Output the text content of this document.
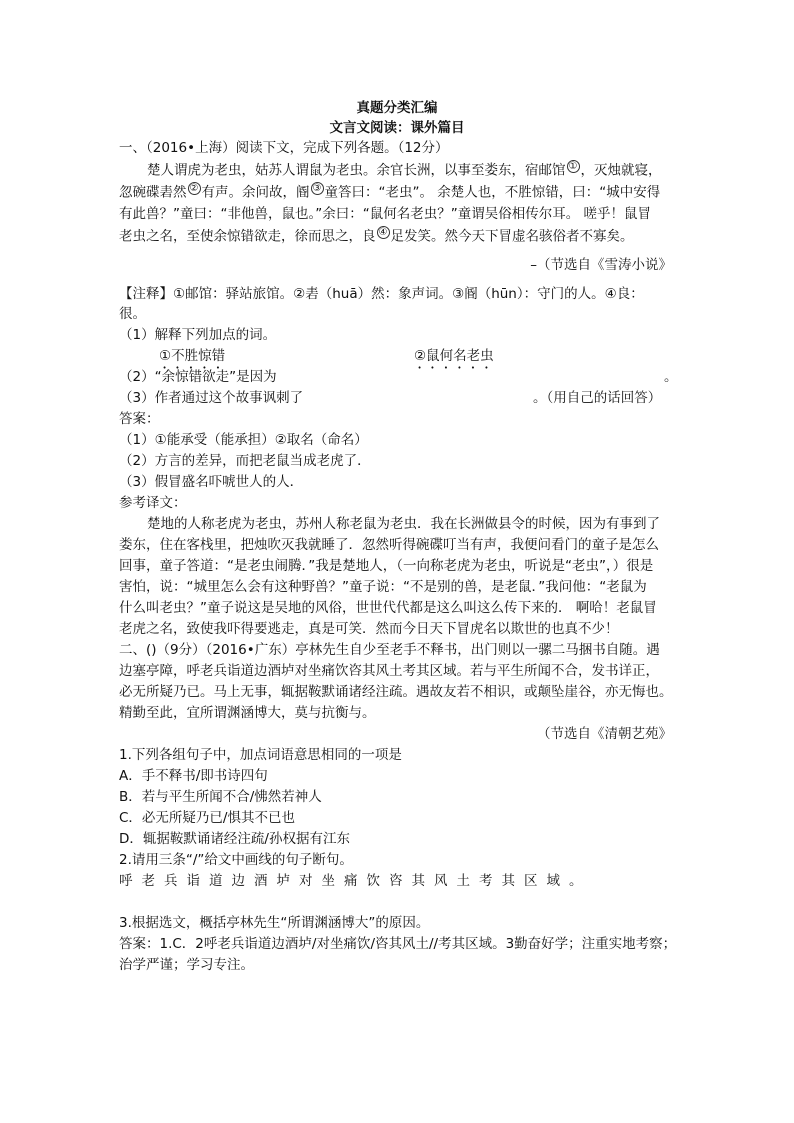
真题分类汇编
文言文阅读：课外篇目
一、（2016•上海）阅读下文，完成下列各题。（12分）
楚人谓虎为老虫，姑苏人谓鼠为老虫。余官长洲，以事至娄东，宿邮馆 ① ，灭烛就寝，
忽碗碟砉然 ② 有声。余问故，阍 ③ 童答曰：“老虫”。 余楚人也，不胜惊错，曰：“城中安得
有此兽？”童曰：“非他兽，鼠也。”余曰：“鼠何名老虫？”童谓吴俗相传尔耳。 嗟乎！鼠冒
老虫之名，至使余惊错欲走，徐而思之，良 ④ 足发笑。然今天下冒虚名骇俗者不寡矣。
–（节选自《雪涛小说》
【注释】①邮馆：驿站旅馆。②砉（huā）然：象声词。③阍（hūn）：守门的人。④良：
很。
（1）解释下列加点的词。
①不胜惊错	②鼠何名老虫
（2）“余惊错欲走”是因为	。
（3）作者通过这个故事讽刺了	。（用自己的话回答）
答案：
（1）①能承受（能承担）②取名（命名）
（2）方言的差异，而把老鼠当成老虎了．
（3）假冒盛名吓唬世人的人．
参考译文：
楚地的人称老虎为老虫，苏州人称老鼠为老虫．我在长洲做县令的时候，因为有事到了
娄东，住在客栈里，把烛吹灭我就睡了．忽然听得碗碟叮当有声，我便问看门的童子是怎么
回事，童子答道：“是老虫闹腾．”我是楚地人，（一向称老虎为老虫，听说是“老虫”，）很是
害怕，说：“城里怎么会有这种野兽？”童子说：“不是别的兽，是老鼠．”我问他：“老鼠为
什么叫老虫？”童子说这是吴地的风俗，世世代代都是这么叫这么传下来的． 啊哈！老鼠冒
老虎之名，致使我吓得要逃走，真是可笑．然而今日天下冒虎名以欺世的也真不少！
二、()（9分）（2016•广东）亭林先生自少至老手不释书，出门则以一骡二马捆书自随。遇
边塞亭障，呼老兵诣道边酒垆对坐痛饮咨其风土考其区域。若与平生所闻不合，发书详正，
必无所疑乃已。马上无事，辄据鞍默诵诸经注疏。遇故友若不相识，或颠坠崖谷，亦无悔也。
精勤至此，宜所谓渊涵博大，莫与抗衡与。
（节选自《清朝艺苑》
1.下列各组句子中，加点词语意思相同的一项是
A．手不释书/即书诗四句
B．若与平生所闻不合/怫然若神人
C．必无所疑乃已/惧其不已也
D．辄据鞍默诵诸经注疏/孙权据有江东
2.请用三条“/”给文中画线的句子断句。
呼老兵诣道边酒垆对坐痛饮咨其风土考其区域。
3.根据选文，概括亭林先生“所谓渊涵博大”的原因。
答案：1.C．2呼老兵诣道边酒垆/对坐痛饮/咨其风土//考其区域。3勤奋好学；注重实地考察；
治学严谨；学习专注。
